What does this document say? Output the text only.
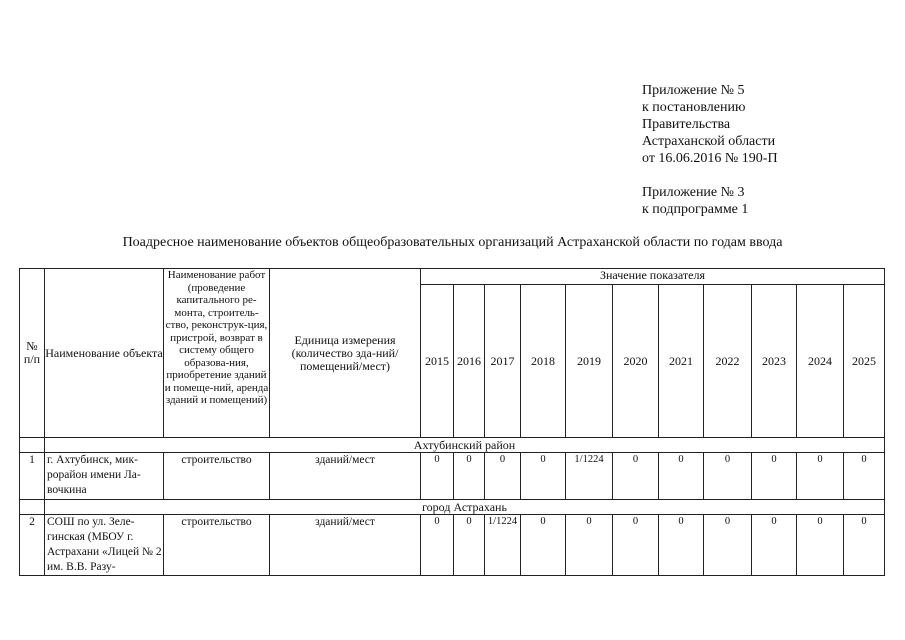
Приложение № 5
к постановлению
Правительства
Астраханской области
от 16.06.2016 № 190-П
Приложение № 3
к подпрограмме 1
Поадресное наименование объектов общеобразовательных организаций Астраханской области по годам ввода
№ п/п	Наименование объекта	Наименование работ (проведение капитального ре-монта, строитель-ство, реконструк-ция, пристрой, возврат в систему общего образова-ния, приобретение зданий и помеще-ний, аренда зданий и помещений)	Единица измерения (количество зда-ний/помещений/мест)	Значение показателя										
				2015	2016	2017	2018	2019	2020	2021	2022	2023	2024	2025
	Ахтубинский район													
1	г. Ахтубинск, мик-рорайон имени Ла-вочкина	строительство	зданий/мест	0	0	0	0	1/1224	0	0	0	0	0	0
	город Астрахань													
2	СОШ по ул. Зеле-гинская (МБОУ г. Астрахани «Лицей № 2 им. В.В. Разу-	строительство	зданий/мест	0	0	1/1224	0	0	0	0	0	0	0	0
